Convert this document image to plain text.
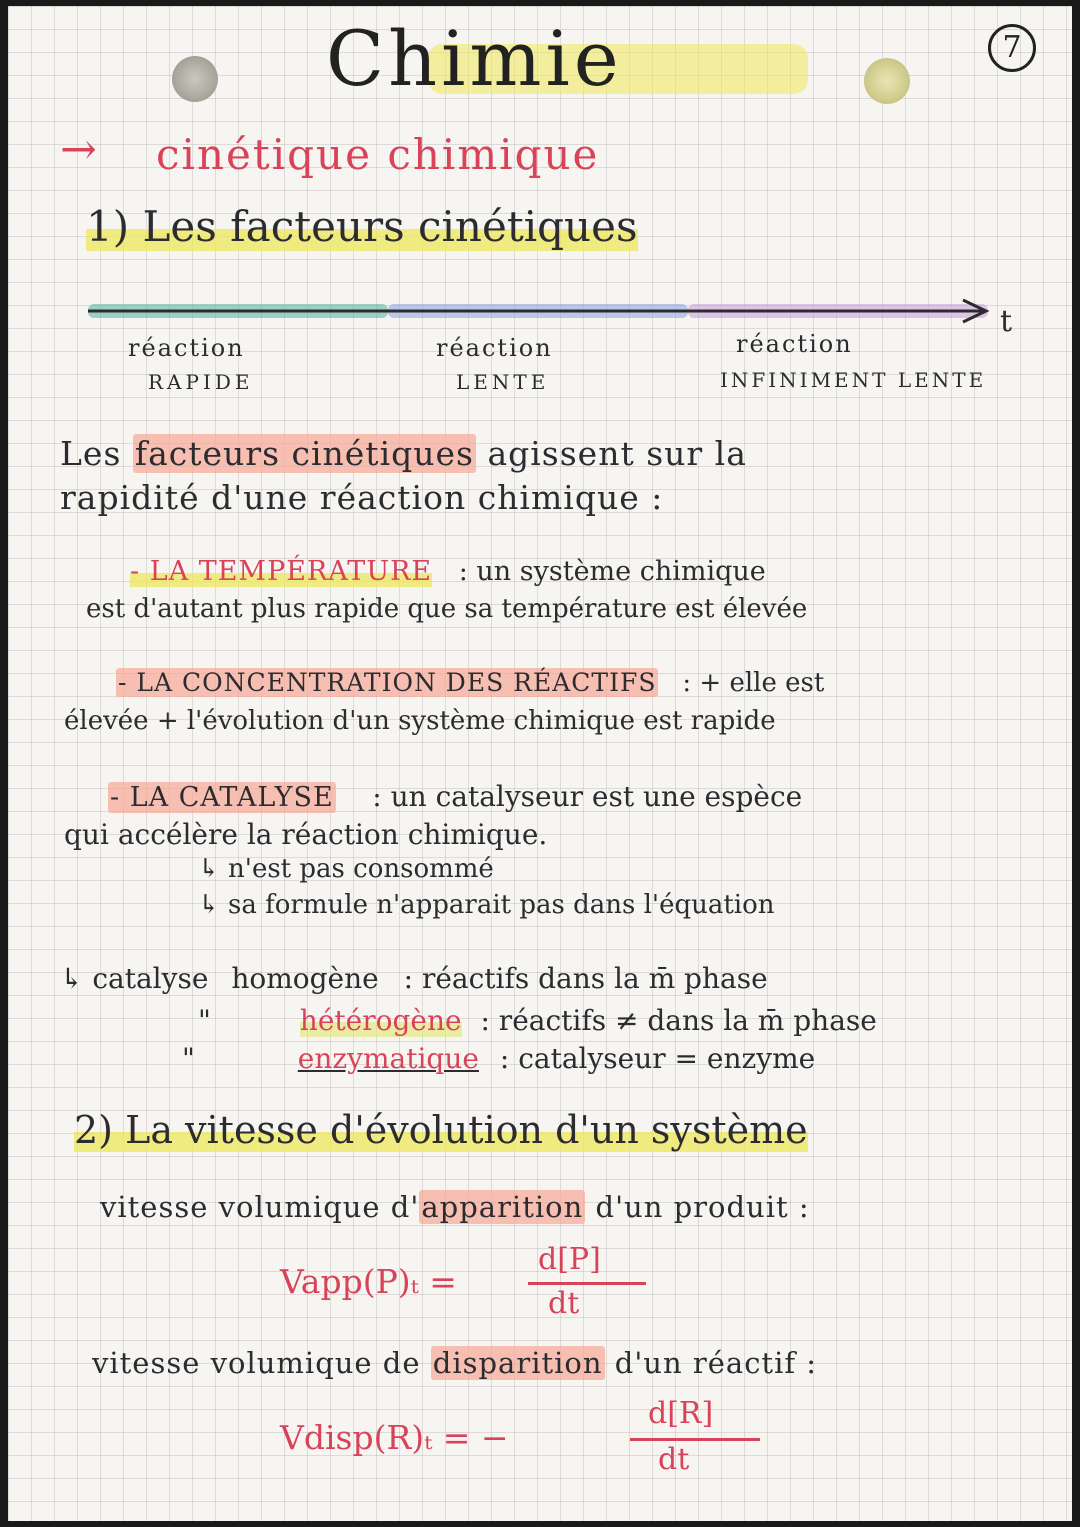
Chimie	7
→ cinétique chimique
1) Les facteurs cinétiques
t
réaction
RAPIDE
réaction
LENTE
réaction
INFINIMENT LENTE
Les facteurs cinétiques agissent sur la
rapidité d'une réaction chimique :
- LA TEMPÉRATURE : un système chimique
est d'autant plus rapide que sa température est élevée
- LA CONCENTRATION DES RÉACTIFS : + elle est
élevée + l'évolution d'un système chimique est rapide
- LA CATALYSE : un catalyseur est une espèce
qui accélère la réaction chimique.
↳ n'est pas consommé
↳ sa formule n'apparait pas dans l'équation
↳ catalyse homogène : réactifs dans la m̄ phase
"	hétérogène : réactifs ≠ dans la m̄ phase
"	enzymatique : catalyseur = enzyme
2) La vitesse d'évolution d'un système
vitesse volumique d'apparition d'un produit :
Vapp(P)ₜ =
d[P]
dt
vitesse volumique de disparition d'un réactif :
Vdisp(R)ₜ = −
d[R]
dt
